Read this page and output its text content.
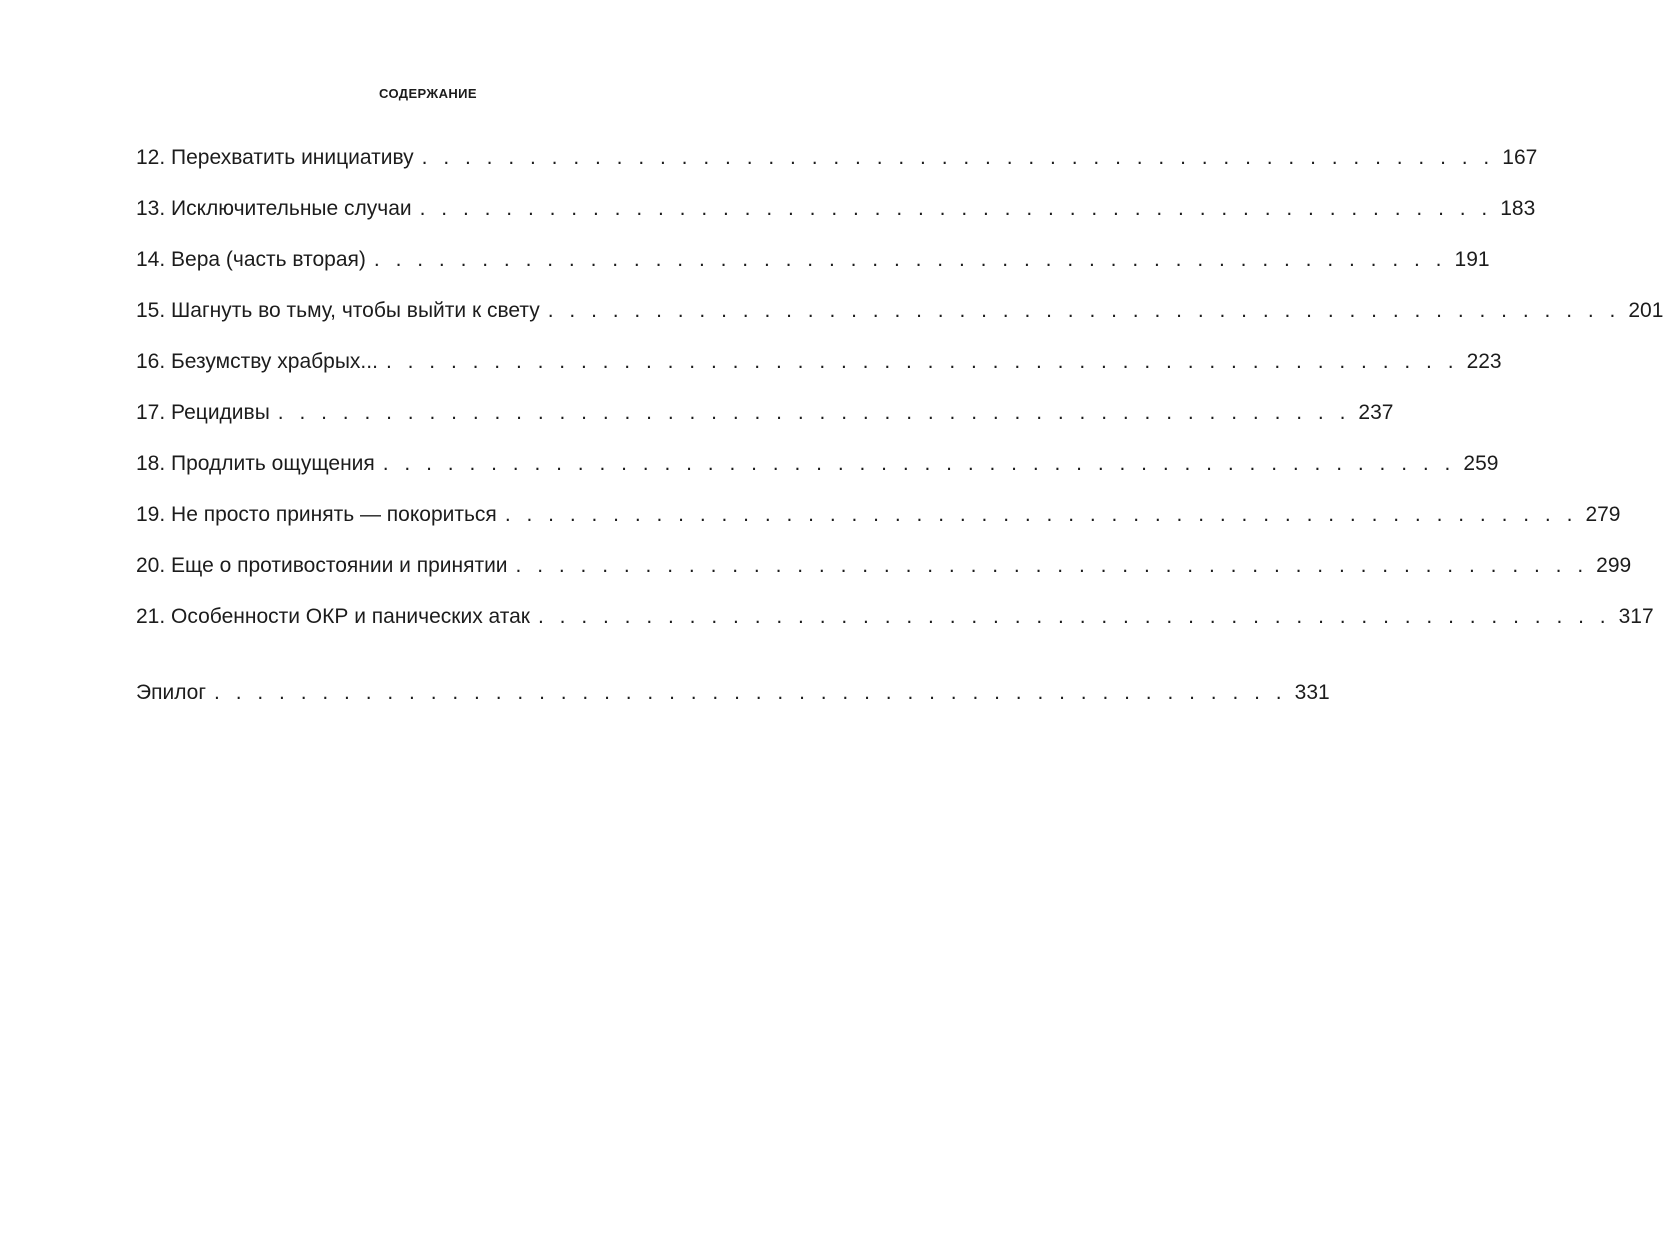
СОДЕРЖАНИЕ
12. Перехватить инициативу . . . . . . . . . . . . . . . . . . . . . . . . . . . . . . . . . . . . . . . . . . . . . . . . . . 167
13. Исключительные случаи . . . . . . . . . . . . . . . . . . . . . . . . . . . . . . . . . . . . . . . . . . . . . . . . . . 183
14. Вера (часть вторая) . . . . . . . . . . . . . . . . . . . . . . . . . . . . . . . . . . . . . . . . . . . . . . . . . . 191
15. Шагнуть во тьму, чтобы выйти к свету . . . . . . . . . . . . . . . . . . . . . . . . . . . . . . . . . . . . . . . . . . . . . . . . . . 201
16. Безумству храбрых... . . . . . . . . . . . . . . . . . . . . . . . . . . . . . . . . . . . . . . . . . . . . . . . . . . 223
17. Рецидивы . . . . . . . . . . . . . . . . . . . . . . . . . . . . . . . . . . . . . . . . . . . . . . . . . . 237
18. Продлить ощущения . . . . . . . . . . . . . . . . . . . . . . . . . . . . . . . . . . . . . . . . . . . . . . . . . . 259
19. Не просто принять — покориться . . . . . . . . . . . . . . . . . . . . . . . . . . . . . . . . . . . . . . . . . . . . . . . . . . 279
20. Еще о противостоянии и принятии . . . . . . . . . . . . . . . . . . . . . . . . . . . . . . . . . . . . . . . . . . . . . . . . . . 299
21. Особенности ОКР и панических атак . . . . . . . . . . . . . . . . . . . . . . . . . . . . . . . . . . . . . . . . . . . . . . . . . . 317
Эпилог . . . . . . . . . . . . . . . . . . . . . . . . . . . . . . . . . . . . . . . . . . . . . . . . . . 331
